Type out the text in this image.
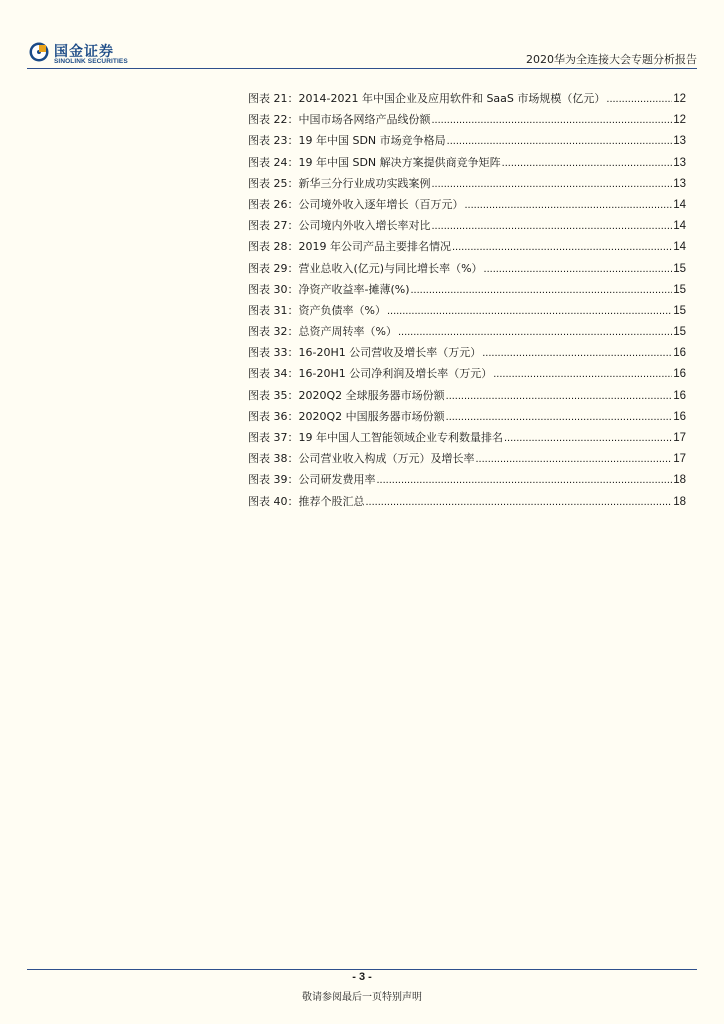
国金证券
SINOLINK SECURITIES	2020华为全连接大会专题分析报告
图表 21：2014-2021 年中国企业及应用软件和 SaaS 市场规模（亿元） .....	12
图表 22：中国市场各网络产品线份额 .....	12
图表 23：19 年中国 SDN 市场竞争格局 .....	13
图表 24：19 年中国 SDN 解决方案提供商竞争矩阵 .....	13
图表 25：新华三分行业成功实践案例 .....	13
图表 26：公司境外收入逐年增长（百万元） .....	14
图表 27：公司境内外收入增长率对比 .....	14
图表 28：2019 年公司产品主要排名情况 .....	14
图表 29：营业总收入(亿元)与同比增长率（%） .....	15
图表 30：净资产收益率-摊薄(%) .....	15
图表 31：资产负债率（%） .....	15
图表 32：总资产周转率（%） .....	15
图表 33：16-20H1 公司营收及增长率（万元） .....	16
图表 34：16-20H1 公司净利润及增长率（万元） .....	16
图表 35：2020Q2 全球服务器市场份额 .....	16
图表 36：2020Q2 中国服务器市场份额 .....	16
图表 37：19 年中国人工智能领域企业专利数量排名 .....	17
图表 38：公司营业收入构成（万元）及增长率 .....	17
图表 39：公司研发费用率 .....	18
图表 40：推荐个股汇总 .....	18
- 3 -
敬请参阅最后一页特别声明
